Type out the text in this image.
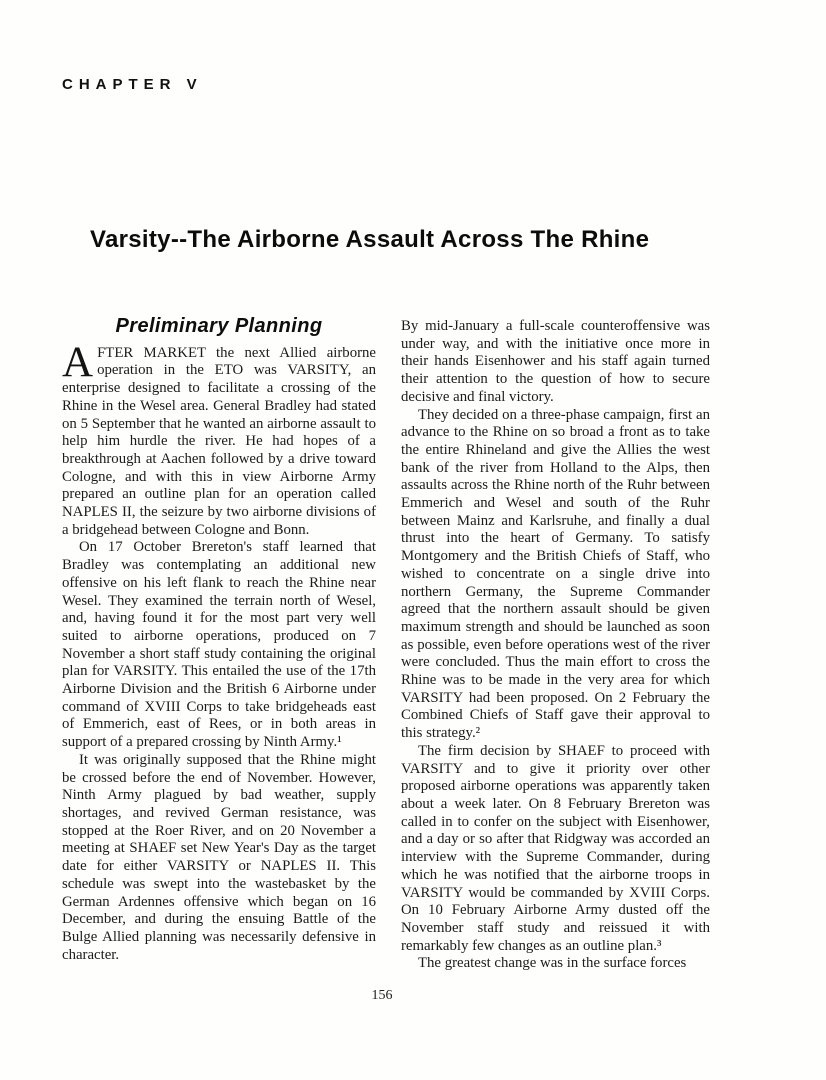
CHAPTER V
Varsity--The Airborne Assault Across The Rhine
Preliminary Planning

AFTER MARKET the next Allied airborne operation in the ETO was VARSITY, an enterprise designed to facilitate a crossing of the Rhine in the Wesel area. General Bradley had stated on 5 September that he wanted an airborne assault to help him hurdle the river. He had hopes of a breakthrough at Aachen followed by a drive toward Cologne, and with this in view Airborne Army prepared an outline plan for an operation called NAPLES II, the seizure by two airborne divisions of a bridgehead between Cologne and Bonn.

On 17 October Brereton's staff learned that Bradley was contemplating an additional new offensive on his left flank to reach the Rhine near Wesel. They examined the terrain north of Wesel, and, having found it for the most part very well suited to airborne operations, produced on 7 November a short staff study containing the original plan for VARSITY. This entailed the use of the 17th Airborne Division and the British 6 Airborne under command of XVIII Corps to take bridgeheads east of Emmerich, east of Rees, or in both areas in support of a prepared crossing by Ninth Army.¹

It was originally supposed that the Rhine might be crossed before the end of November. However, Ninth Army plagued by bad weather, supply shortages, and revived German resistance, was stopped at the Roer River, and on 20 November a meeting at SHAEF set New Year's Day as the target date for either VARSITY or NAPLES II. This schedule was swept into the wastebasket by the German Ardennes offensive which began on 16 December, and during the ensuing Battle of the Bulge Allied planning was necessarily defensive in character.

By mid-January a full-scale counteroffensive was under way, and with the initiative once more in their hands Eisenhower and his staff again turned their attention to the question of how to secure decisive and final victory.

They decided on a three-phase campaign, first an advance to the Rhine on so broad a front as to take the entire Rhineland and give the Allies the west bank of the river from Holland to the Alps, then assaults across the Rhine north of the Ruhr between Emmerich and Wesel and south of the Ruhr between Mainz and Karlsruhe, and finally a dual thrust into the heart of Germany. To satisfy Montgomery and the British Chiefs of Staff, who wished to concentrate on a single drive into northern Germany, the Supreme Commander agreed that the northern assault should be given maximum strength and should be launched as soon as possible, even before operations west of the river were concluded. Thus the main effort to cross the Rhine was to be made in the very area for which VARSITY had been proposed. On 2 February the Combined Chiefs of Staff gave their approval to this strategy.²

The firm decision by SHAEF to proceed with VARSITY and to give it priority over other proposed airborne operations was apparently taken about a week later. On 8 February Brereton was called in to confer on the subject with Eisenhower, and a day or so after that Ridgway was accorded an interview with the Supreme Commander, during which he was notified that the airborne troops in VARSITY would be commanded by XVIII Corps. On 10 February Airborne Army dusted off the November staff study and reissued it with remarkably few changes as an outline plan.³

The greatest change was in the surface forces

156
